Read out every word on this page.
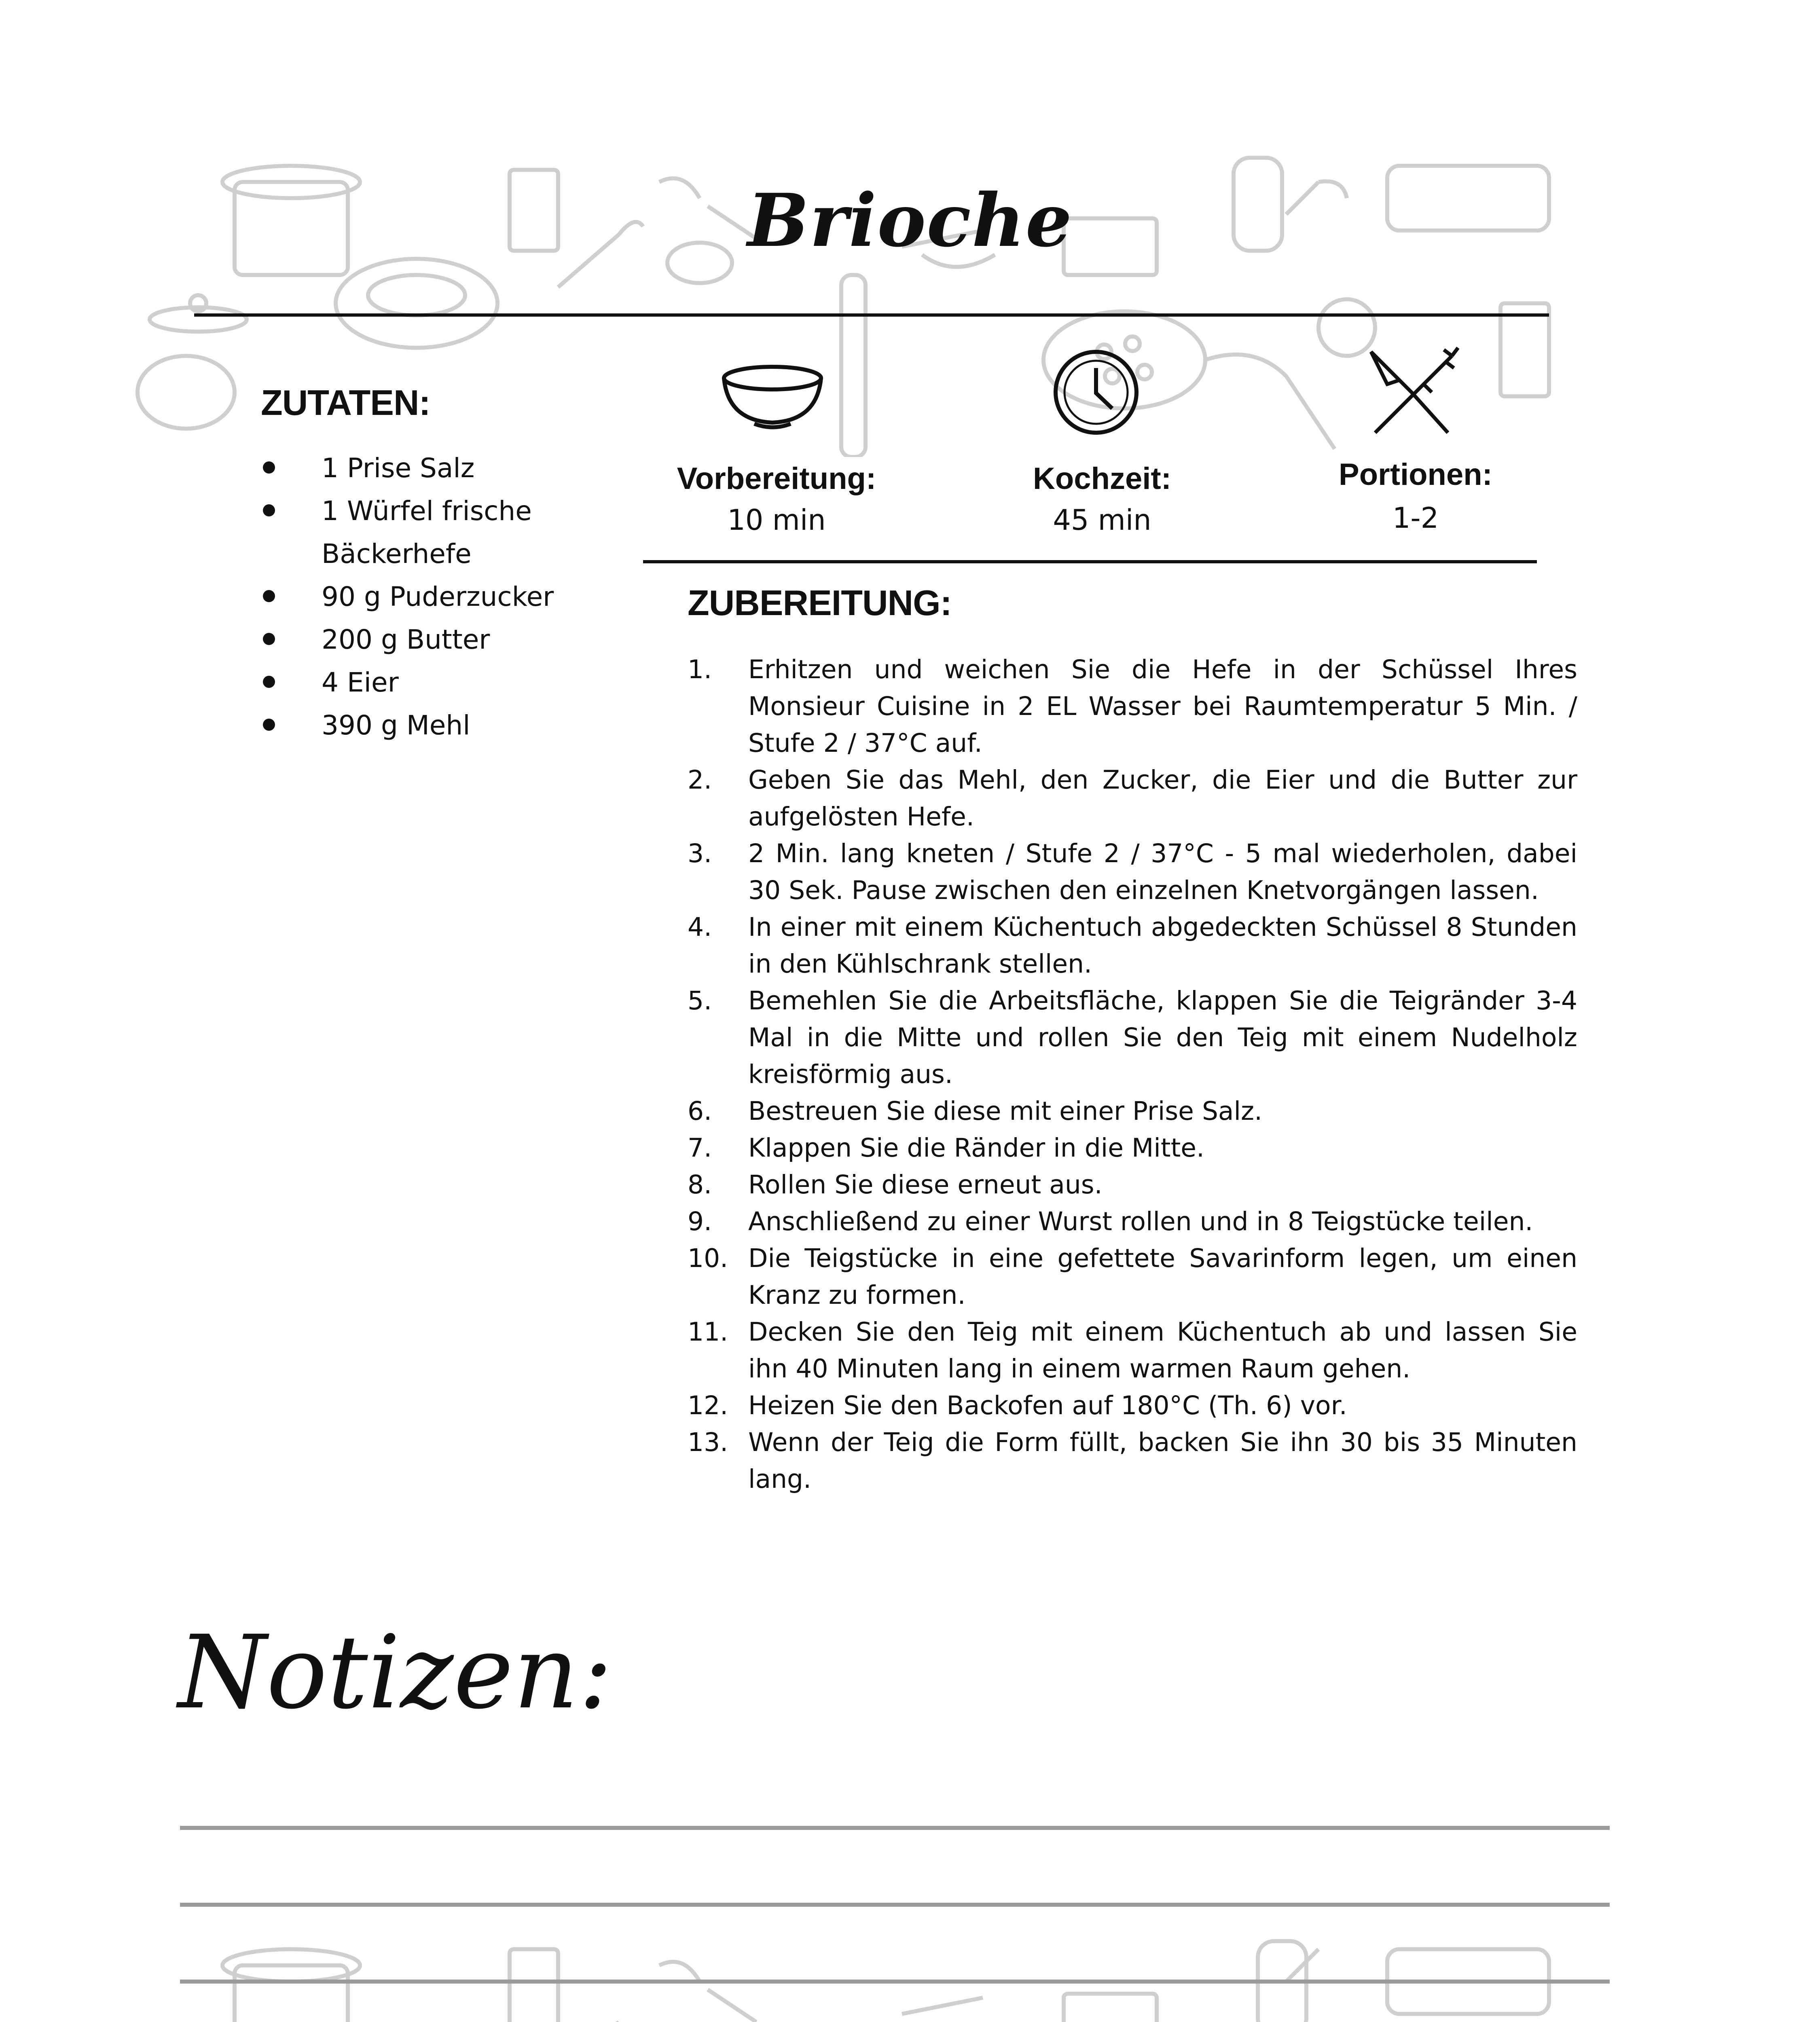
Brioche
ZUTATEN:
1 Prise Salz
1 Würfel frische Bäckerhefe
90 g Puderzucker
200 g Butter
4 Eier
390 g Mehl
Vorbereitung:
10 min
Kochzeit:
45 min
Portionen:
1-2
ZUBEREITUNG:
1. Erhitzen und weichen Sie die Hefe in der Schüssel Ihres Monsieur Cuisine in 2 EL Wasser bei Raumtemperatur 5 Min. / Stufe 2 / 37°C auf.
2. Geben Sie das Mehl, den Zucker, die Eier und die Butter zur aufgelösten Hefe.
3. 2 Min. lang kneten / Stufe 2 / 37°C - 5 mal wiederholen, dabei 30 Sek. Pause zwischen den einzelnen Knetvorgängen lassen.
4. In einer mit einem Küchentuch abgedeckten Schüssel 8 Stunden in den Kühlschrank stellen.
5. Bemehlen Sie die Arbeitsfläche, klappen Sie die Teigränder 3-4 Mal in die Mitte und rollen Sie den Teig mit einem Nudelholz kreisförmig aus.
6. Bestreuen Sie diese mit einer Prise Salz.
7. Klappen Sie die Ränder in die Mitte.
8. Rollen Sie diese erneut aus.
9. Anschließend zu einer Wurst rollen und in 8 Teigstücke teilen.
10. Die Teigstücke in eine gefettete Savarinform legen, um einen Kranz zu formen.
11. Decken Sie den Teig mit einem Küchentuch ab und lassen Sie ihn 40 Minuten lang in einem warmen Raum gehen.
12. Heizen Sie den Backofen auf 180°C (Th. 6) vor.
13. Wenn der Teig die Form füllt, backen Sie ihn 30 bis 35 Minuten lang.
Notizen:
